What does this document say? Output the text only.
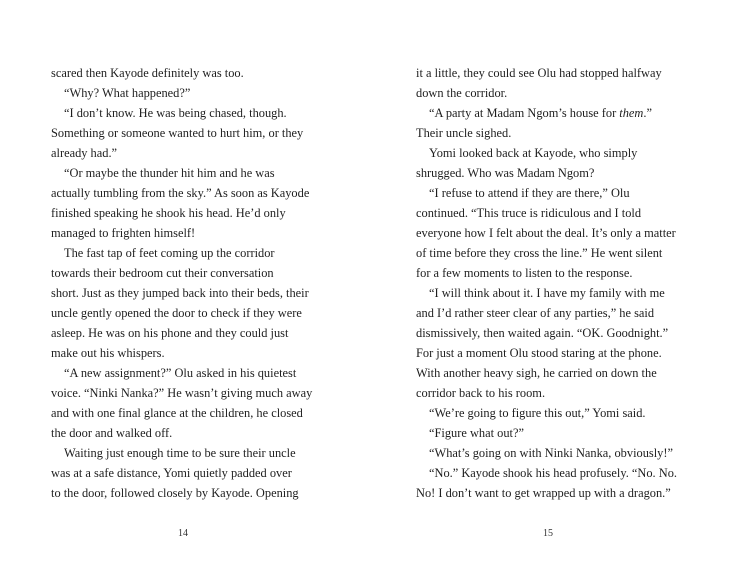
scared then Kayode definitely was too.
“Why? What happened?”
“I don’t know. He was being chased, though.
Something or someone wanted to hurt him, or they
already had.”
“Or maybe the thunder hit him and he was
actually tumbling from the sky.” As soon as Kayode
finished speaking he shook his head. He’d only
managed to frighten himself!
The fast tap of feet coming up the corridor
towards their bedroom cut their conversation
short. Just as they jumped back into their beds, their
uncle gently opened the door to check if they were
asleep. He was on his phone and they could just
make out his whispers.
“A new assignment?” Olu asked in his quietest
voice. “Ninki Nanka?” He wasn’t giving much away
and with one final glance at the children, he closed
the door and walked off.
Waiting just enough time to be sure their uncle
was at a safe distance, Yomi quietly padded over
to the door, followed closely by Kayode. Opening
it a little, they could see Olu had stopped halfway
down the corridor.
“A party at Madam Ngom’s house for them.”
Their uncle sighed.
Yomi looked back at Kayode, who simply
shrugged. Who was Madam Ngom?
“I refuse to attend if they are there,” Olu
continued. “This truce is ridiculous and I told
everyone how I felt about the deal. It’s only a matter
of time before they cross the line.” He went silent
for a few moments to listen to the response.
“I will think about it. I have my family with me
and I’d rather steer clear of any parties,” he said
dismissively, then waited again. “OK. Goodnight.”
For just a moment Olu stood staring at the phone.
With another heavy sigh, he carried on down the
corridor back to his room.
“We’re going to figure this out,” Yomi said.
“Figure what out?”
“What’s going on with Ninki Nanka, obviously!”
“No.” Kayode shook his head profusely. “No. No.
No! I don’t want to get wrapped up with a dragon.”
14	15
